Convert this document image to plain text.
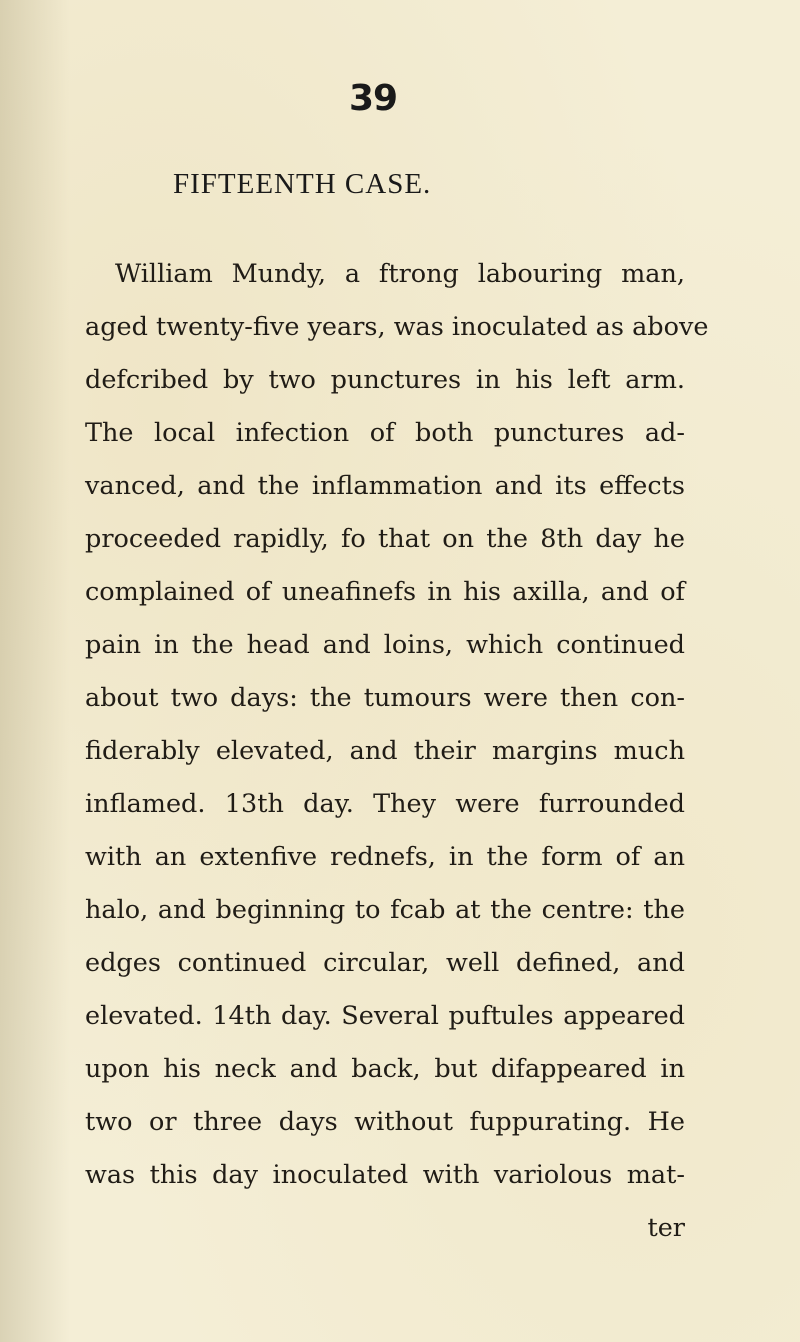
39
FIFTEENTH CASE.
William Mundy, a ftrong labouring man,
aged twenty-five years, was inoculated as above
defcribed by two punctures in his left arm.
The local infection of both punctures ad-
vanced, and the inflammation and its effects
proceeded rapidly, fo that on the 8th day he
complained of uneafinefs in his axilla, and of
pain in the head and loins, which continued
about two days: the tumours were then con-
fiderably elevated, and their margins much
inflamed. 13th day. They were furrounded
with an extenfive rednefs, in the form of an
halo, and beginning to fcab at the centre: the
edges continued circular, well defined, and
elevated. 14th day. Several puftules appeared
upon his neck and back, but difappeared in
two or three days without fuppurating. He
was this day inoculated with variolous mat-
ter
